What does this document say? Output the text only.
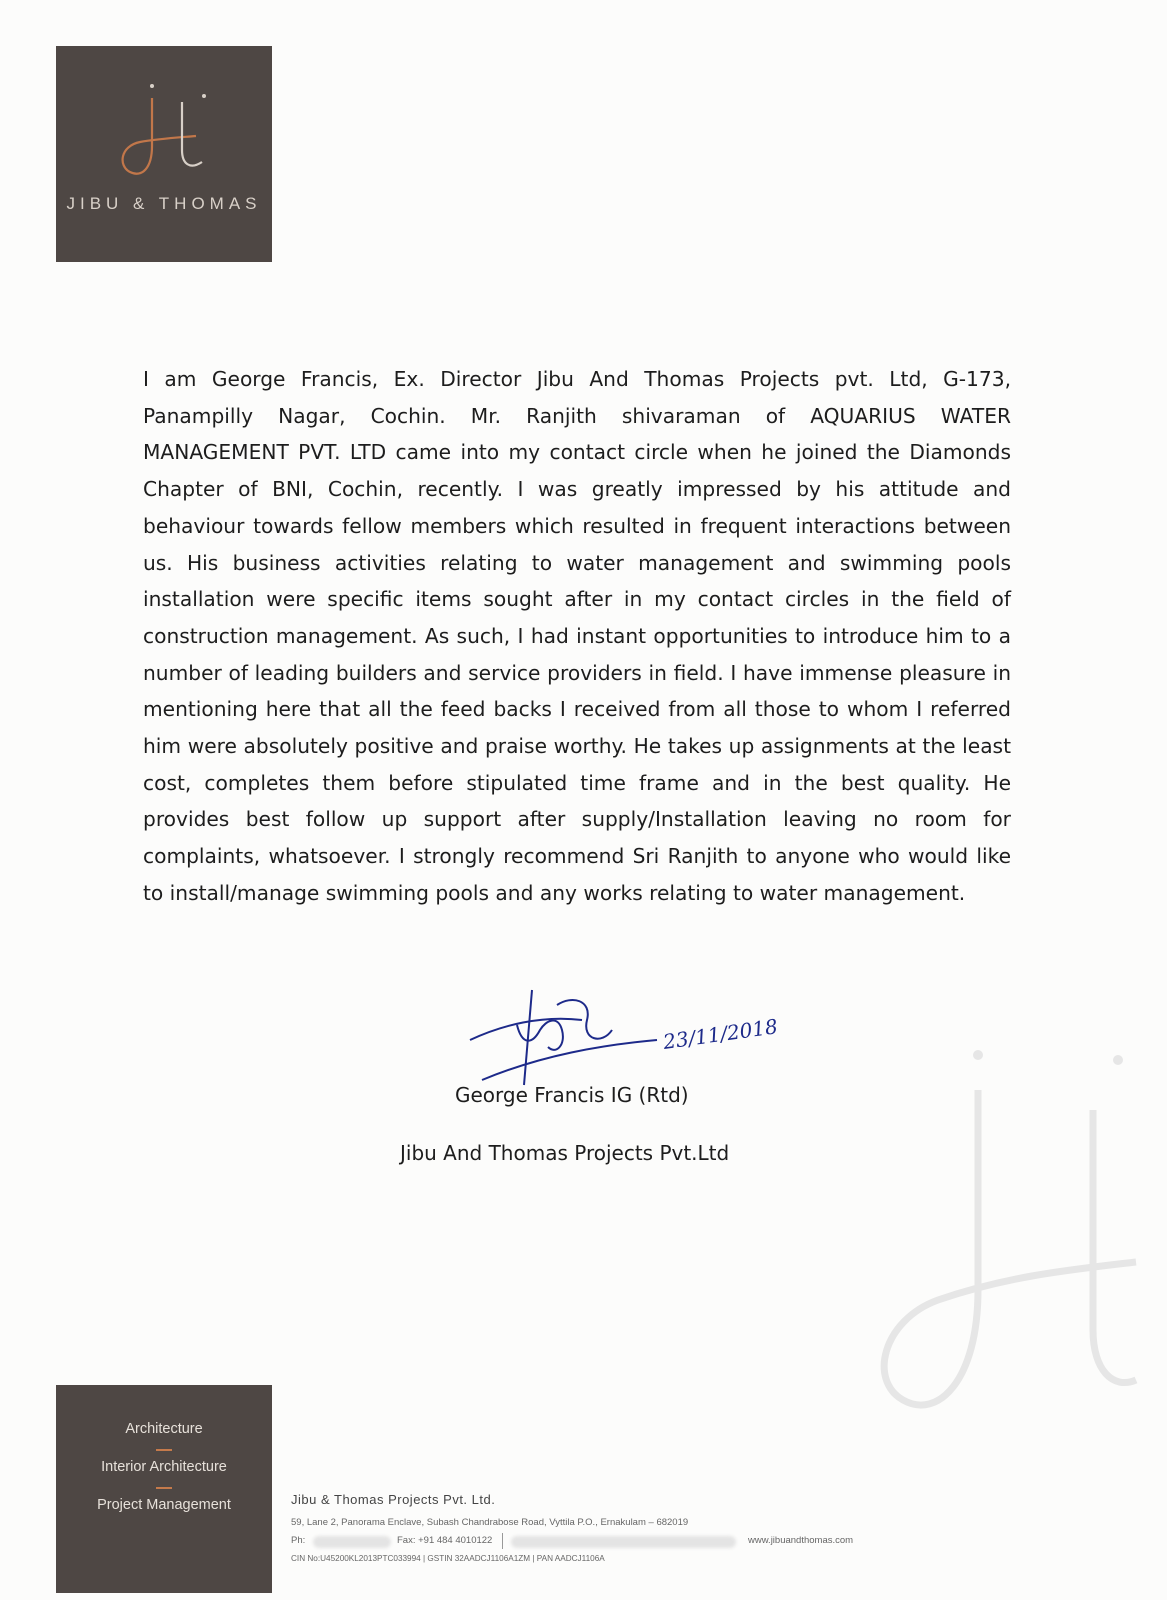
JIBU & THOMAS
I am George Francis, Ex. Director Jibu And Thomas Projects pvt. Ltd, G-173, Panampilly Nagar, Cochin. Mr. Ranjith shivaraman of AQUARIUS WATER MANAGEMENT PVT. LTD came into my contact circle when he joined the Diamonds Chapter of BNI, Cochin, recently. I was greatly impressed by his attitude and behaviour towards fellow members which resulted in frequent interactions between us. His business activities relating to water management and swimming pools installation were specific items sought after in my contact circles in the field of construction management. As such, I had instant opportunities to introduce him to a number of leading builders and service providers in field. I have immense pleasure in mentioning here that all the feed backs I received from all those to whom I referred him were absolutely positive and praise worthy. He takes up assignments at the least cost, completes them before stipulated time frame and in the best quality. He provides best follow up support after supply/Installation leaving no room for complaints, whatsoever. I strongly recommend Sri Ranjith to anyone who would like to install/manage swimming pools and any works relating to water management.
23/11/2018
George Francis IG (Rtd)
Jibu And Thomas Projects Pvt.Ltd
Architecture
Interior Architecture
Project Management	Jibu & Thomas Projects Pvt. Ltd.
59, Lane 2, Panorama Enclave, Subash Chandrabose Road, Vyttila P.O., Ernakulam – 682019
Ph:	Fax: +91 484 4010122	www.jibuandthomas.com
CIN No:U45200KL2013PTC033994 | GSTIN 32AADCJ1106A1ZM | PAN AADCJ1106A
